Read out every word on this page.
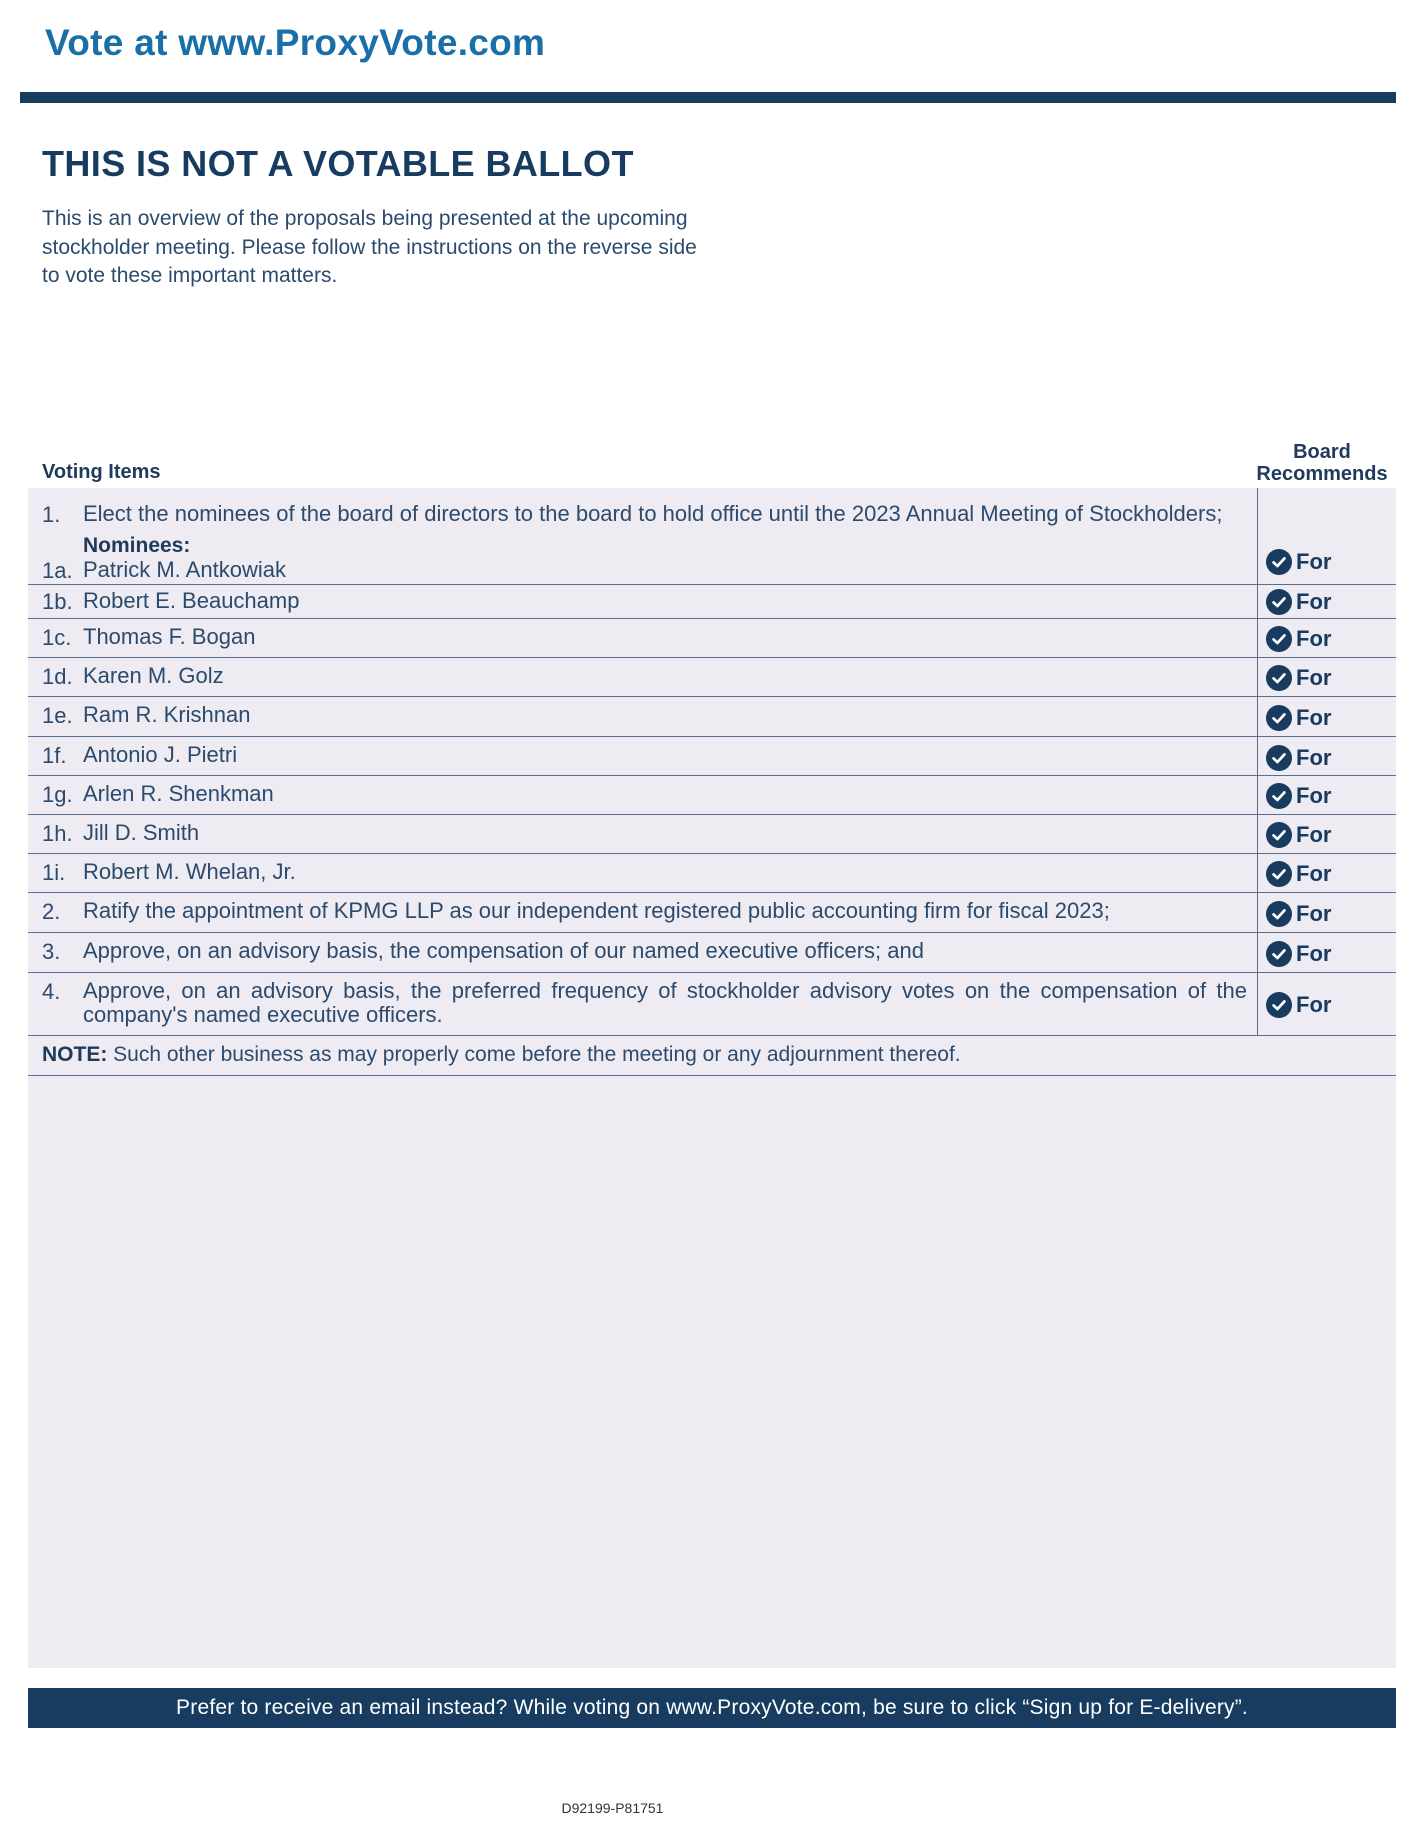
Vote at www.ProxyVote.com
THIS IS NOT A VOTABLE BALLOT
This is an overview of the proposals being presented at the upcoming stockholder meeting. Please follow the instructions on the reverse side to vote these important matters.
Voting Items
Board
Recommends
1. Elect the nominees of the board of directors to the board to hold office until the 2023 Annual Meeting of Stockholders;
Nominees:
1a. Patrick M. Antkowiak	For
1b. Robert E. Beauchamp	For
1c. Thomas F. Bogan	For
1d. Karen M. Golz	For
1e. Ram R. Krishnan	For
1f. Antonio J. Pietri	For
1g. Arlen R. Shenkman	For
1h. Jill D. Smith	For
1i. Robert M. Whelan, Jr.	For
2. Ratify the appointment of KPMG LLP as our independent registered public accounting firm for fiscal 2023;	For
3. Approve, on an advisory basis, the compensation of our named executive officers; and	For
4. Approve, on an advisory basis, the preferred frequency of stockholder advisory votes on the compensation of the company's named executive officers.	For
NOTE: Such other business as may properly come before the meeting or any adjournment thereof.
Prefer to receive an email instead? While voting on www.ProxyVote.com, be sure to click “Sign up for E-delivery”.
D92199-P81751
